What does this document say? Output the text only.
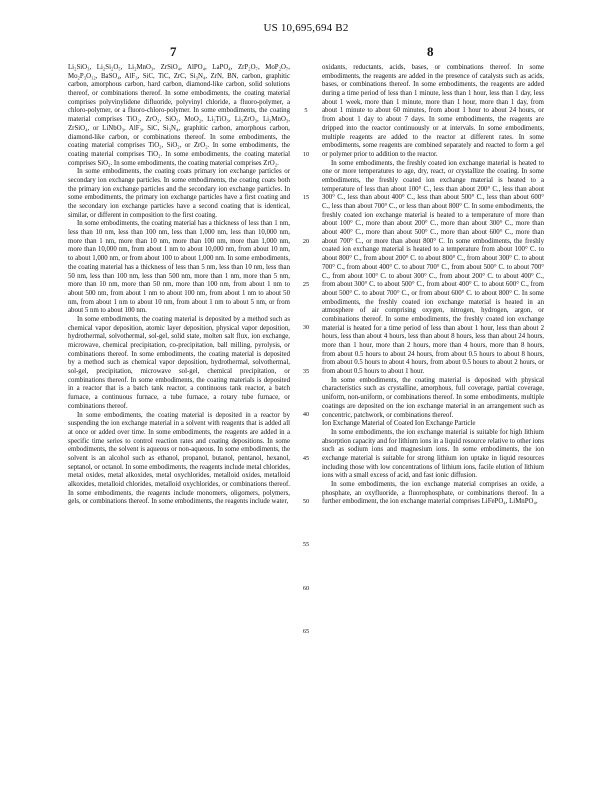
US 10,695,694 B2
7	8

Li₂SiO₃, Li₂Si₂O₅, Li₂MnO₃, ZrSiO₄, AlPO₄, LaPO₄, ZrP₂O₇, MoP₂O₇, Mo₂P₃O₁₂, BaSO₄, AlF₃, SiC, TiC, ZrC, Si₃N₄, ZrN, BN, carbon, graphitic carbon, amorphous carbon, hard carbon, diamond-like carbon, solid solutions thereof, or combinations thereof. In some embodiments, the coating material comprises polyvinylidene difluoride, polyvinyl chloride, a fluoro-polymer, a chloro-polymer, or a fluoro-chloro-polymer. In some embodiments, the coating material comprises TiO₂, ZrO₂, SiO₂, MoO₂, Li₂TiO₃, Li₂ZrO₃, Li₂MnO₃, ZrSiO₄, or LiNbO₃, AlF₃, SiC, Si₃N₄, graphitic carbon, amorphous carbon, diamond-like carbon, or combinations thereof. In some embodiments, the coating material comprises TiO₂, SiO₂, or ZrO₂. In some embodiments, the coating material comprises TiO₂. In some embodiments, the coating material comprises SiO₂. In some embodiments, the coating material comprises ZrO₂.

In some embodiments, the coating coats primary ion exchange particles or secondary ion exchange particles. In some embodiments, the coating coats both the primary ion exchange particles and the secondary ion exchange particles. In some embodiments, the primary ion exchange particles have a first coating and the secondary ion exchange particles have a second coating that is identical, similar, or different in composition to the first coating.

In some embodiments, the coating material has a thickness of less than 1 nm, less than 10 nm, less than 100 nm, less than 1,000 nm, less than 10,000 nm, more than 1 nm, more than 10 nm, more than 100 nm, more than 1,000 nm, more than 10,000 nm, from about 1 nm to about 10,000 nm, from about 10 nm, to about 1,000 nm, or from about 100 to about 1,000 nm. In some embodiments, the coating material has a thickness of less than 5 nm, less than 10 nm, less than 50 nm, less than 100 nm, less than 500 nm, more than 1 nm, more than 5 nm, more than 10 nm, more than 50 nm, more than 100 nm, from about 1 nm to about 500 nm, from about 1 nm to about 100 nm, from about 1 nm to about 50 nm, from about 1 nm to about 10 nm, from about 1 nm to about 5 nm, or from about 5 nm to about 100 nm.

In some embodiments, the coating material is deposited by a method such as chemical vapor deposition, atomic layer deposition, physical vapor deposition, hydrothermal, solvothermal, sol-gel, solid state, molten salt flux, ion exchange, microwave, chemical precipitation, co-precipitation, ball milling, pyrolysis, or combinations thereof. In some embodiments, the coating material is deposited by a method such as chemical vapor deposition, hydrothermal, solvothermal, sol-gel, precipitation, microwave sol-gel, chemical precipitation, or combinations thereof. In some embodiments, the coating materials is deposited in a reactor that is a batch tank reactor, a continuous tank reactor, a batch furnace, a continuous furnace, a tube furnace, a rotary tube furnace, or combinations thereof.

In some embodiments, the coating material is deposited in a reactor by suspending the ion exchange material in a solvent with reagents that is added all at once or added over time. In some embodiments, the reagents are added in a specific time series to control reaction rates and coating depositions. In some embodiments, the solvent is aqueous or non-aqueous. In some embodiments, the solvent is an alcohol such as ethanol, propanol, butanol, pentanol, hexanol, septanol, or octanol. In some embodiments, the reagents include metal chlorides, metal oxides, metal alkoxides, metal oxychlorides, metalloid oxides, metalloid alkoxides, metalloid chlorides, metalloid oxychlorides, or combinations thereof. In some embodiments, the reagents include monomers, oligomers, polymers, gels, or combinations thereof. In some embodiments, the reagents include water,

5
10
15
20
25
30
35
40
45
50
55
60
65

oxidants, reductants, acids, bases, or combinations thereof. In some embodiments, the reagents are added in the presence of catalysts such as acids, bases, or combinations thereof. In some embodiments, the reagents are added during a time period of less than 1 minute, less than 1 hour, less than 1 day, less about 1 week, more than 1 minute, more than 1 hour, more than 1 day, from about 1 minute to about 60 minutes, from about 1 hour to about 24 hours, or from about 1 day to about 7 days. In some embodiments, the reagents are dripped into the reactor continuously or at intervals. In some embodiments, multiple reagents are added to the reactor at different rates. In some embodiments, some reagents are combined separately and reacted to form a gel or polymer prior to addition to the reactor.

In some embodiments, the freshly coated ion exchange material is heated to one or more temperatures to age, dry, react, or crystallize the coating. In some embodiments, the freshly coated ion exchange material is heated to a temperature of less than about 100° C., less than about 200° C., less than about 300° C., less than about 400° C., less than about 500° C., less than about 600° C., less than about 700° C., or less than about 800° C. In some embodiments, the freshly coated ion exchange material is heated to a temperature of more than about 100° C., more than about 200° C., more than about 300° C., more than about 400° C., more than about 500° C., more than about 600° C., more than about 700° C., or more than about 800° C. In some embodiments, the freshly coated ion exchange material is heated to a temperature from about 100° C. to about 800° C., from about 200° C. to about 800° C., from about 300° C. to about 700° C., from about 400° C. to about 700° C., from about 500° C. to about 700° C., from about 100° C. to about 300° C., from about 200° C. to about 400° C., from about 300° C. to about 500° C., from about 400° C. to about 600° C., from about 500° C. to about 700° C., or from about 600° C. to about 800° C. In some embodiments, the freshly coated ion exchange material is heated in an atmosphere of air comprising oxygen, nitrogen, hydrogen, argon, or combinations thereof. In some embodiments, the freshly coated ion exchange material is heated for a time period of less than about 1 hour, less than about 2 hours, less than about 4 hours, less than about 8 hours, less than about 24 hours, more than 1 hour, more than 2 hours, more than 4 hours, more than 8 hours, from about 0.5 hours to about 24 hours, from about 0.5 hours to about 8 hours, from about 0.5 hours to about 4 hours, from about 0.5 hours to about 2 hours, or from about 0.5 hours to about 1 hour.

In some embodiments, the coating material is deposited with physical characteristics such as crystalline, amorphous, full coverage, partial coverage, uniform, non-uniform, or combinations thereof. In some embodiments, multiple coatings are deposited on the ion exchange material in an arrangement such as concentric, patchwork, or combinations thereof.

Ion Exchange Material of Coated Ion Exchange Particle

In some embodiments, the ion exchange material is suitable for high lithium absorption capacity and for lithium ions in a liquid resource relative to other ions such as sodium ions and magnesium ions. In some embodiments, the ion exchange material is suitable for strong lithium ion uptake in liquid resources including those with low concentrations of lithium ions, facile elution of lithium ions with a small excess of acid, and fast ionic diffusion.

In some embodiments, the ion exchange material comprises an oxide, a phosphate, an oxyfluoride, a fluorophosphate, or combinations thereof. In a further embodiment, the ion exchange material comprises LiFePO₄, LiMnPO₄,
